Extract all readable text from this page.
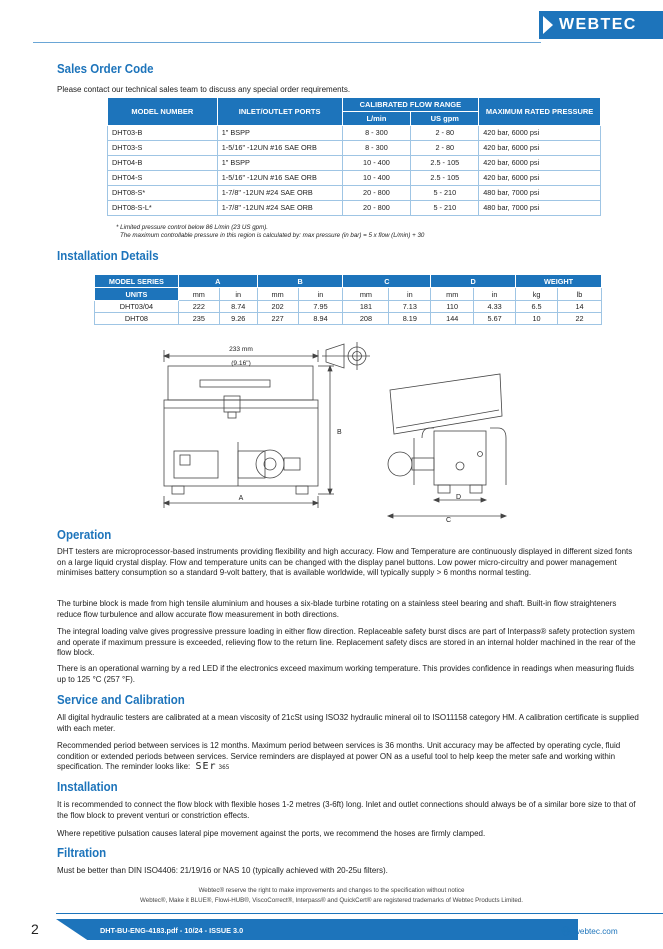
WEBTEC
Sales Order Code

Please contact our technical sales team to discuss any special order requirements.

MODEL NUMBER	INLET/OUTLET PORTS	CALIBRATED FLOW RANGE		MAXIMUM RATED PRESSURE
		L/min	US gpm	
DHT03-B	1" BSPP	8 - 300	2 - 80	420 bar, 6000 psi
DHT03-S	1-5/16" -12UN #16 SAE ORB	8 - 300	2 - 80	420 bar, 6000 psi
DHT04-B	1" BSPP	10 - 400	2.5 - 105	420 bar, 6000 psi
DHT04-S	1-5/16" -12UN #16 SAE ORB	10 - 400	2.5 - 105	420 bar, 6000 psi
DHT08-S*	1-7/8" -12UN #24 SAE ORB	20 - 800	5 - 210	480 bar, 7000 psi
DHT08-S-L*	1-7/8" -12UN #24 SAE ORB	20 - 800	5 - 210	480 bar, 7000 psi
* Limited pressure control below 86 L/min (23 US gpm).
The maximum controllable pressure in this region is calculated by: max pressure (in bar) = 5 x flow (L/min) + 30
Installation Details
MODEL SERIES	A		B		C		D		WEIGHT	
UNITS	mm	in	mm	in	mm	in	mm	in	kg	lb
DHT03/04	222	8.74	202	7.95	181	7.13	110	4.33	6.5	14
DHT08	235	9.26	227	8.94	208	8.19	144	5.67	10	22
233 mm
(9.16")
A
B
C
D
Operation

DHT testers are microprocessor-based instruments providing flexibility and high accuracy. Flow and Temperature are continuously displayed in different sized fonts on a large liquid crystal display. Flow and temperature units can be changed with the display panel buttons. Low power micro-circuitry and power management minimises battery consumption so a standard 9-volt battery, that is available worldwide, will typically supply > 6 months normal testing.

The turbine block is made from high tensile aluminium and houses a six-blade turbine rotating on a stainless steel bearing and shaft. Built-in flow straighteners reduce flow turbulence and allow accurate flow measurement in both directions.

The integral loading valve gives progressive pressure loading in either flow direction. Replaceable safety burst discs are part of Interpass® safety protection system and operate if maximum pressure is exceeded, relieving flow to the return line. Replacement safety discs are stored in an internal holder machined in the rear of the flow block.

There is an operational warning by a red LED if the electronics exceed maximum working temperature. This provides confidence in readings when measuring fluids up to 125 °C (257 °F).

Service and Calibration

All digital hydraulic testers are calibrated at a mean viscosity of 21cSt using ISO32 hydraulic mineral oil to ISO11158 category HM. A calibration certificate is supplied with each meter.

Recommended period between services is 12 months. Maximum period between services is 36 months. Unit accuracy may be affected by operating cycle, fluid condition or extended periods between services. Service reminders are displayed at power ON as a useful tool to help keep the meter safe and working within specification. The reminder looks like: SEr 365

Installation

It is recommended to connect the flow block with flexible hoses 1-2 metres (3-6ft) long. Inlet and outlet connections should always be of a similar bore size to that of the flow block to prevent venturi or constriction effects.

Where repetitive pulsation causes lateral pipe movement against the ports, we recommend the hoses are firmly clamped.

Filtration

Must be better than DIN ISO4406: 21/19/16 or NAS 10 (typically achieved with 20-25u filters).

Webtec® reserve the right to make improvements and changes to the specification without notice
Webtec®, Make it BLUE®, Flowi-HUB®, ViscoCorrect®, Interpass® and QuickCert® are registered trademarks of Webtec Products Limited.
2	DHT-BU-ENG-4183.pdf - 10/24 - ISSUE 3.0	webtec.com
